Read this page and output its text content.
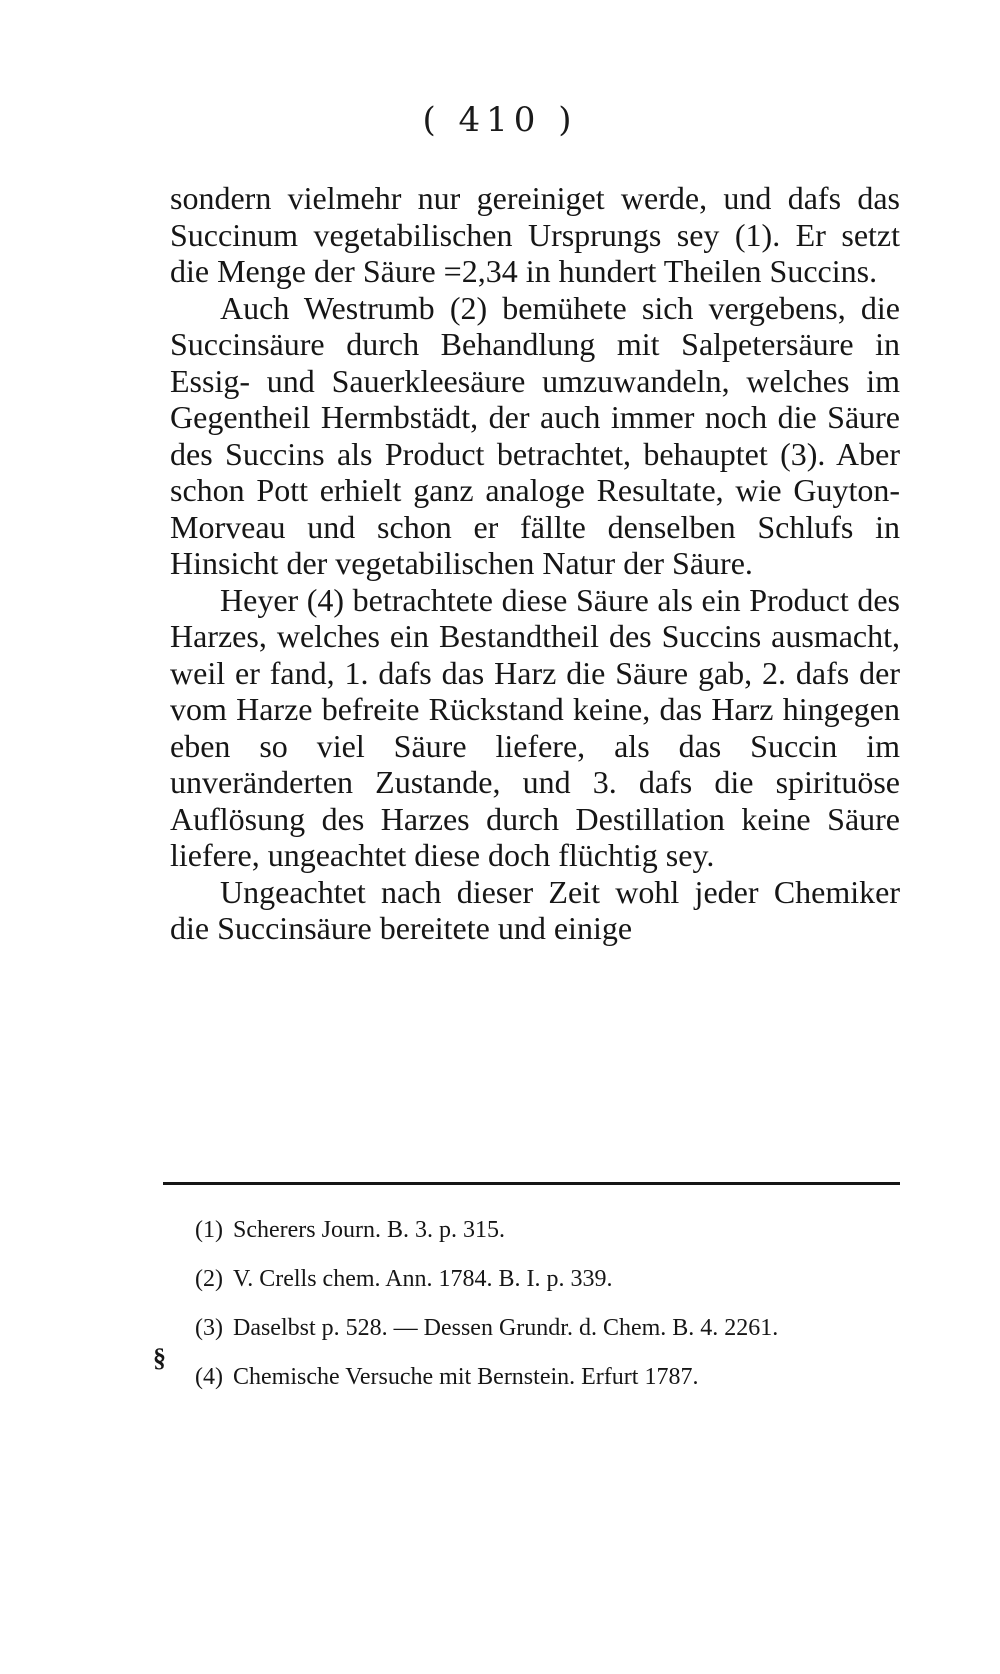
( 410 )

sondern vielmehr nur gereiniget werde, und dafs das Succinum vegetabilischen Ursprungs sey (1). Er setzt die Menge der Säure =2,34 in hundert Theilen Succins.

Auch Westrumb (2) bemühete sich vergebens, die Succinsäure durch Behandlung mit Salpetersäure in Essig- und Sauerkleesäure umzuwandeln, welches im Gegentheil Hermbstädt, der auch immer noch die Säure des Succins als Product betrachtet, behauptet (3). Aber schon Pott erhielt ganz analoge Resultate, wie Guyton-Morveau und schon er fällte denselben Schlufs in Hinsicht der vegetabilischen Natur der Säure.

Heyer (4) betrachtete diese Säure als ein Product des Harzes, welches ein Bestandtheil des Succins ausmacht, weil er fand, 1. dafs das Harz die Säure gab, 2. dafs der vom Harze befreite Rückstand keine, das Harz hingegen eben so viel Säure liefere, als das Succin im unveränderten Zustande, und 3. dafs die spirituöse Auflösung des Harzes durch Destillation keine Säure liefere, ungeachtet diese doch flüchtig sey.

Ungeachtet nach dieser Zeit wohl jeder Chemiker die Succinsäure bereitete und einige

(1) Scherers Journ. B. 3. p. 315.
(2) V. Crells chem. Ann. 1784. B. I. p. 339.
§
(3) Daselbst p. 528. — Dessen Grundr. d. Chem. B. 4. 2261.
(4) Chemische Versuche mit Bernstein. Erfurt 1787.
